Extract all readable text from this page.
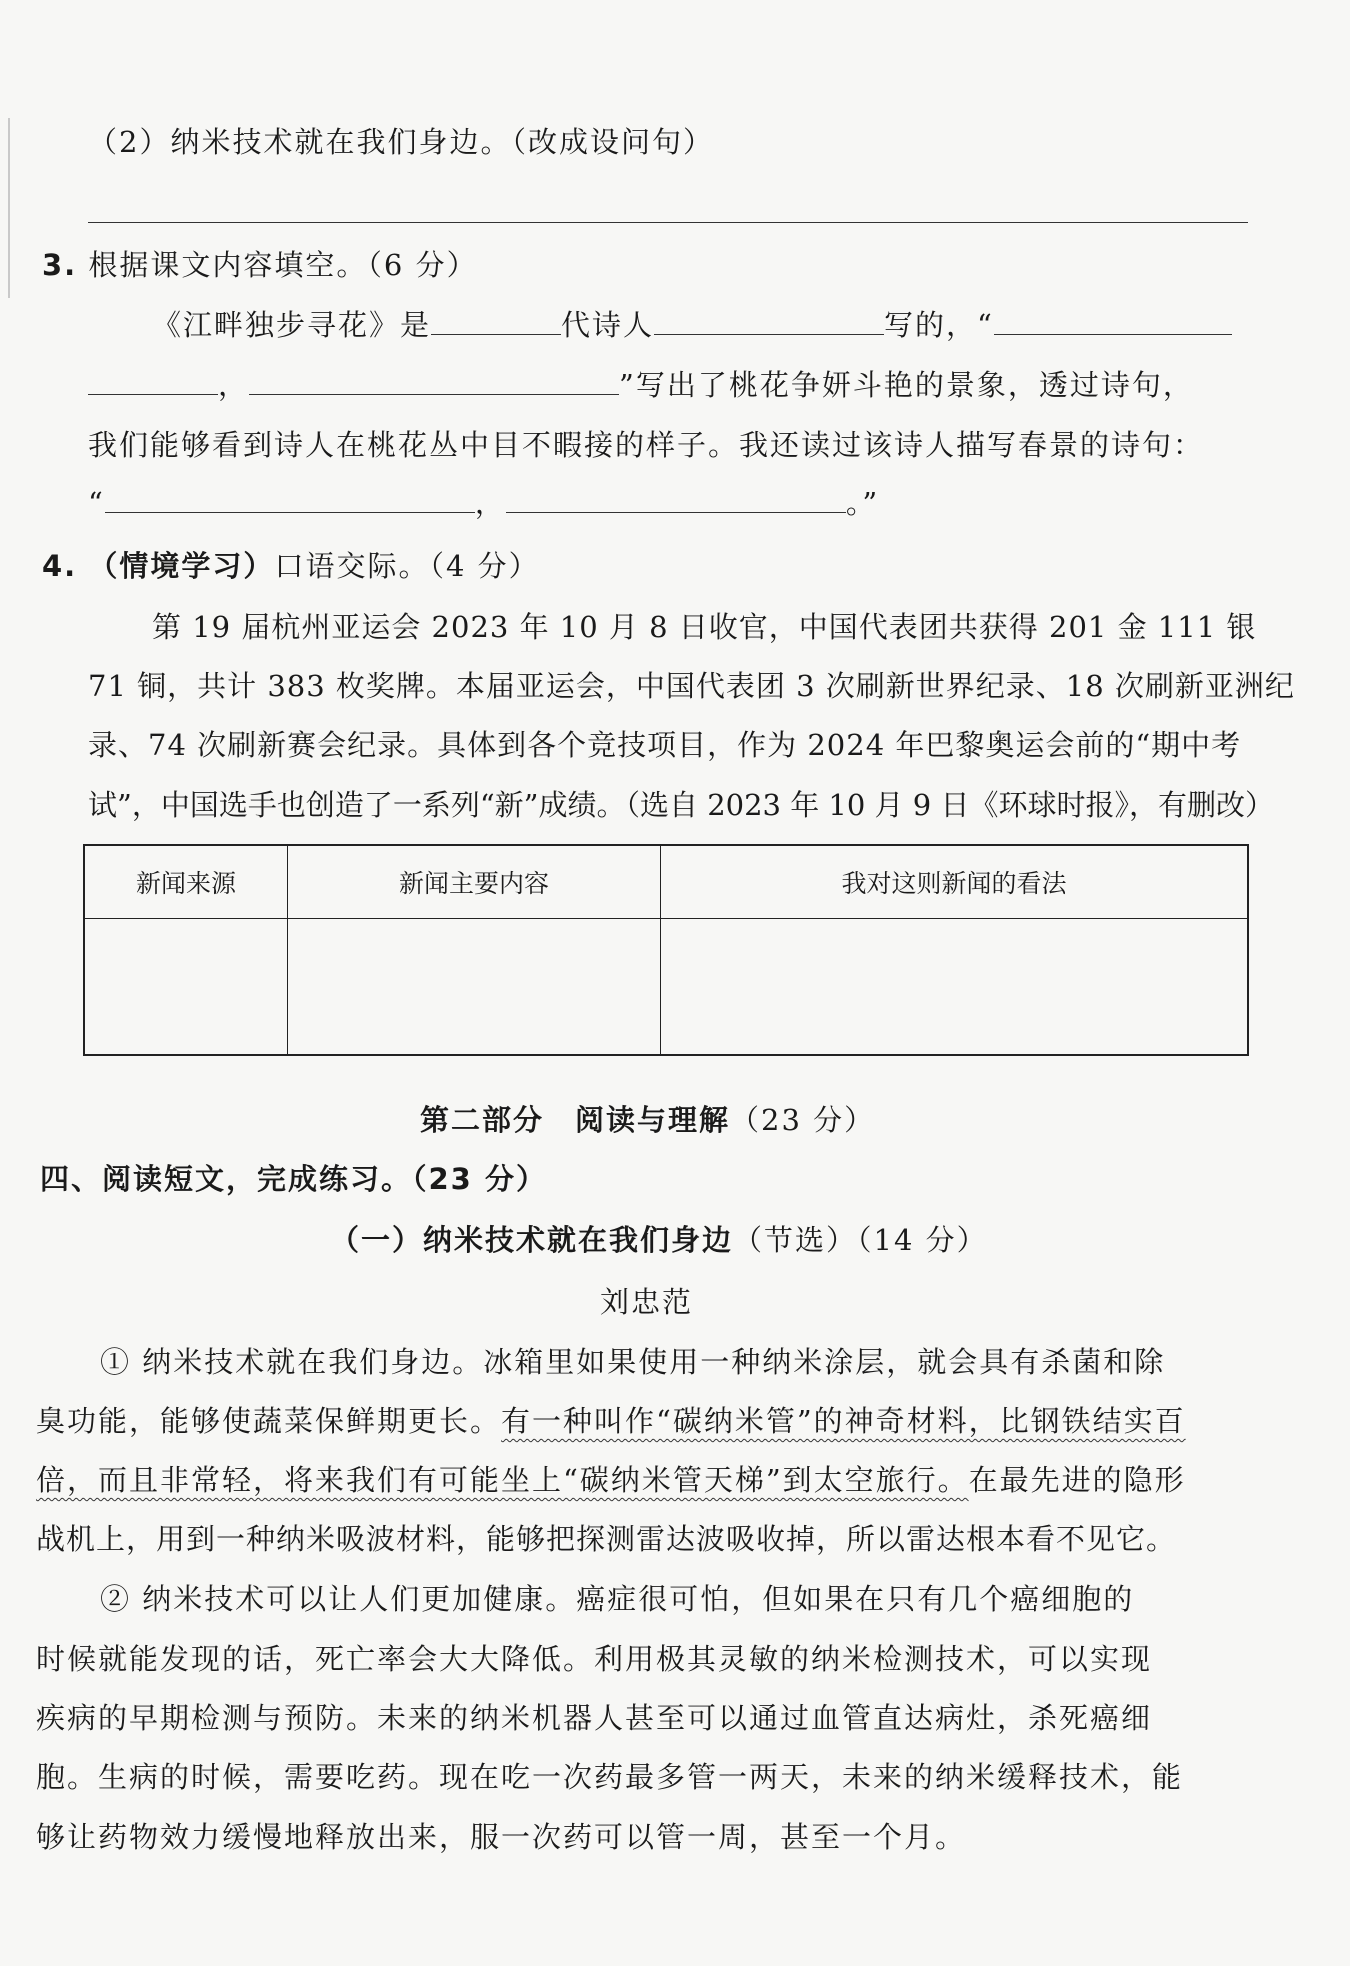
（2）纳米技术就在我们身边。（改成设问句）
3. 根据课文内容填空。（6 分）
《江畔独步寻花》是	代诗人	写的，“
，	”写出了桃花争妍斗艳的景象，透过诗句，
我们能够看到诗人在桃花丛中目不暇接的样子。我还读过该诗人描写春景的诗句：
“	，	。”
4. （情境学习）口语交际。（4 分）
第 19 届杭州亚运会 2023 年 10 月 8 日收官，中国代表团共获得 201 金 111 银
71 铜，共计 383 枚奖牌。本届亚运会，中国代表团 3 次刷新世界纪录、18 次刷新亚洲纪
录、74 次刷新赛会纪录。具体到各个竞技项目，作为 2024 年巴黎奥运会前的“期中考
试”，中国选手也创造了一系列“新”成绩。（选自 2023 年 10 月 9 日《环球时报》，有删改）
新闻来源	新闻主要内容	我对这则新闻的看法

第二部分　阅读与理解（23 分）
四、阅读短文，完成练习。（23 分）
（一）纳米技术就在我们身边（节选）（14 分）
刘忠范
① 纳米技术就在我们身边。冰箱里如果使用一种纳米涂层，就会具有杀菌和除
臭功能，能够使蔬菜保鲜期更长。有一种叫作“碳纳米管”的神奇材料，比钢铁结实百
倍，而且非常轻，将来我们有可能坐上“碳纳米管天梯”到太空旅行。在最先进的隐形
战机上，用到一种纳米吸波材料，能够把探测雷达波吸收掉，所以雷达根本看不见它。
② 纳米技术可以让人们更加健康。癌症很可怕，但如果在只有几个癌细胞的
时候就能发现的话，死亡率会大大降低。利用极其灵敏的纳米检测技术，可以实现
疾病的早期检测与预防。未来的纳米机器人甚至可以通过血管直达病灶，杀死癌细
胞。生病的时候，需要吃药。现在吃一次药最多管一两天，未来的纳米缓释技术，能
够让药物效力缓慢地释放出来，服一次药可以管一周，甚至一个月。
